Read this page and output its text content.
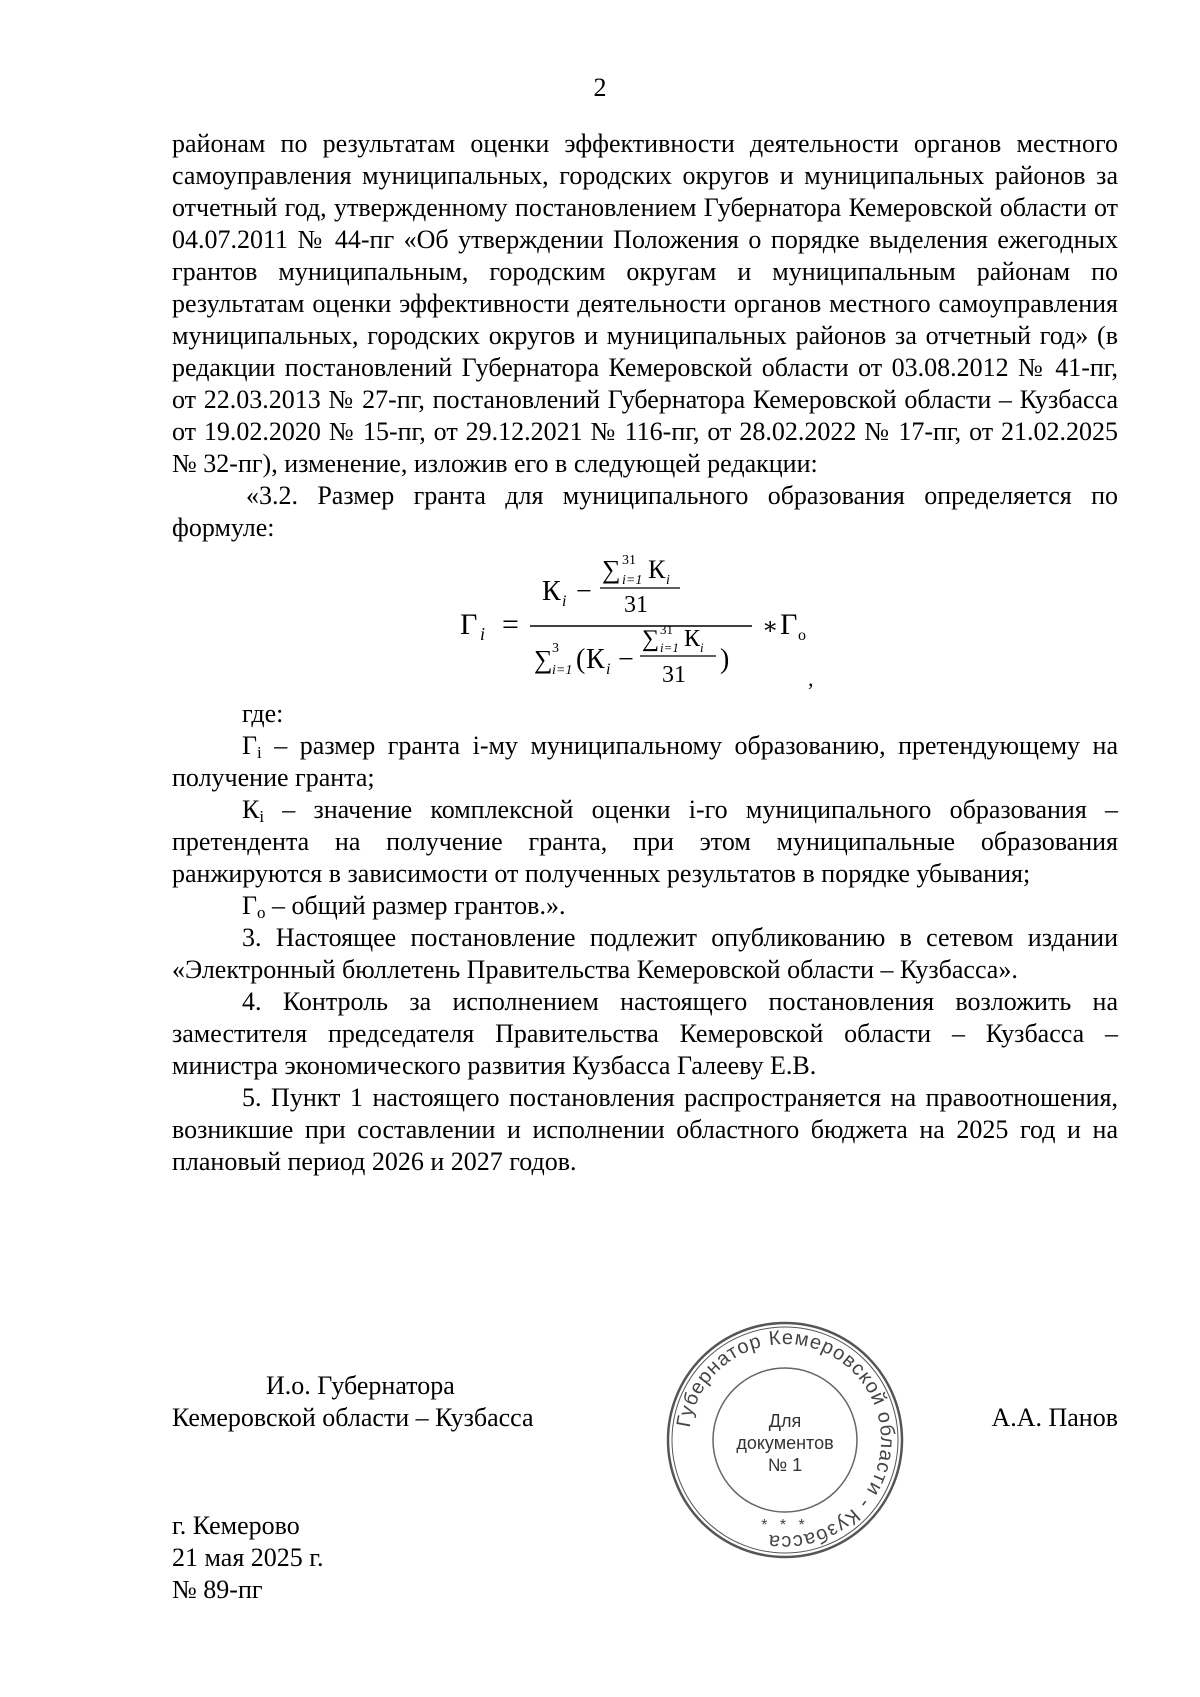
2

районам по результатам оценки эффективности деятельности органов местного самоуправления муниципальных, городских округов и муниципальных районов за отчетный год, утвержденному постановлением Губернатора Кемеровской области от 04.07.2011 № 44-пг «Об утверждении Положения о порядке выделения ежегодных грантов муниципальным, городским округам и муниципальным районам по результатам оценки эффективности деятельности органов местного самоуправления муниципальных, городских округов и муниципальных районов за отчетный год» (в редакции постановлений Губернатора Кемеровской области от 03.08.2012 № 41-пг, от 22.03.2013 № 27-пг, постановлений Губернатора Кемеровской области – Кузбасса от 19.02.2020 № 15-пг, от 29.12.2021 № 116-пг, от 28.02.2022 № 17-пг, от 21.02.2025 № 32-пг), изменение, изложив его в следующей редакции:

«3.2. Размер гранта для муниципального образования определяется по формуле:

Г i =
К i −
∑ 31
i=1 К i
31
∑ 3
i=1 ( К i −
∑ 31
i=1 К i
31 )
∗ Г о
,

где:

$Г_i$ – размер гранта i-му муниципальному образованию, претендующему на получение гранта;

$К_i$ – значение комплексной оценки i-го муниципального образования – претендента на получение гранта, при этом муниципальные образования ранжируются в зависимости от полученных результатов в порядке убывания;

$Г_о$ – общий размер грантов.».

3. Настоящее постановление подлежит опубликованию в сетевом издании «Электронный бюллетень Правительства Кемеровской области – Кузбасса».

4. Контроль за исполнением настоящего постановления возложить на заместителя председателя Правительства Кемеровской области – Кузбасса – министра экономического развития Кузбасса Галееву Е.В.

5. Пункт 1 настоящего постановления распространяется на правоотношения, возникшие при составлении и исполнении областного бюджета на 2025 год и на плановый период 2026 и 2027 годов.

И.о. Губернатора
Кемеровской области – Кузбасса	А.А. Панов
Губернатор Кемеровской области - Кузбасса
Для
документов
№ 1
* * *
г. Кемерово
21 мая 2025 г.
№ 89-пг
